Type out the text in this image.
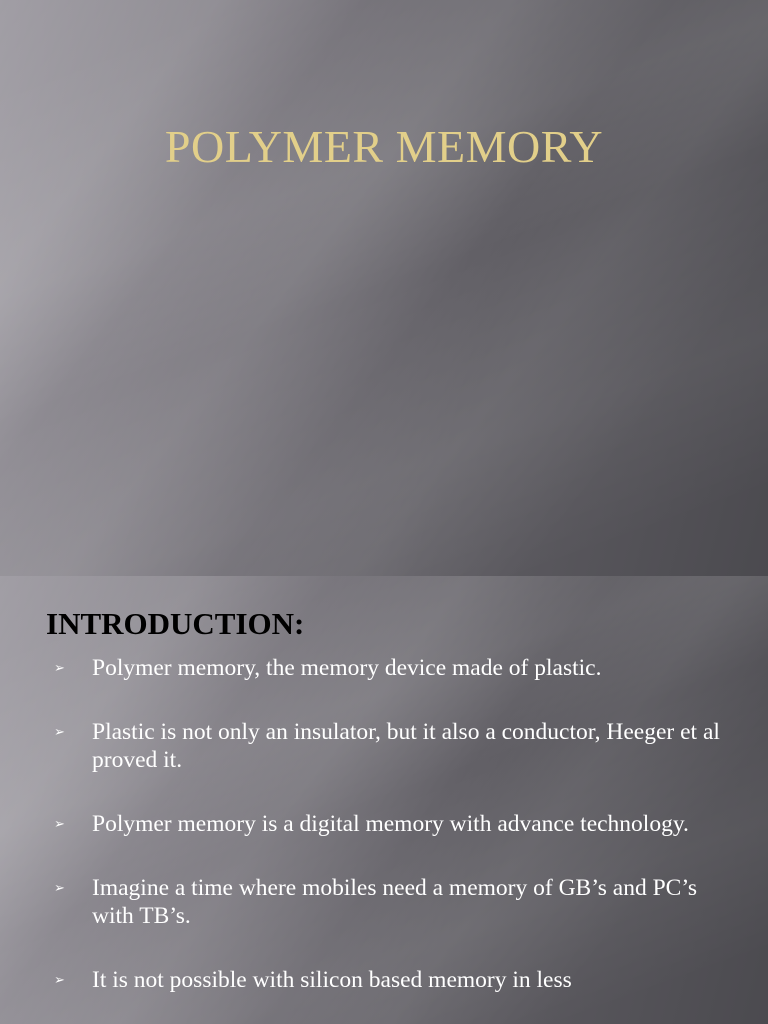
POLYMER MEMORY
INTRODUCTION:
➢ Polymer memory, the memory device made of plastic.
➢ Plastic is not only an insulator, but it also a conductor, Heeger et al proved it.
➢ Polymer memory is a digital memory with advance technology.
➢ Imagine a time where mobiles need a memory of GB’s and PC’s with TB’s.
➢ It is not possible with silicon based memory in less
